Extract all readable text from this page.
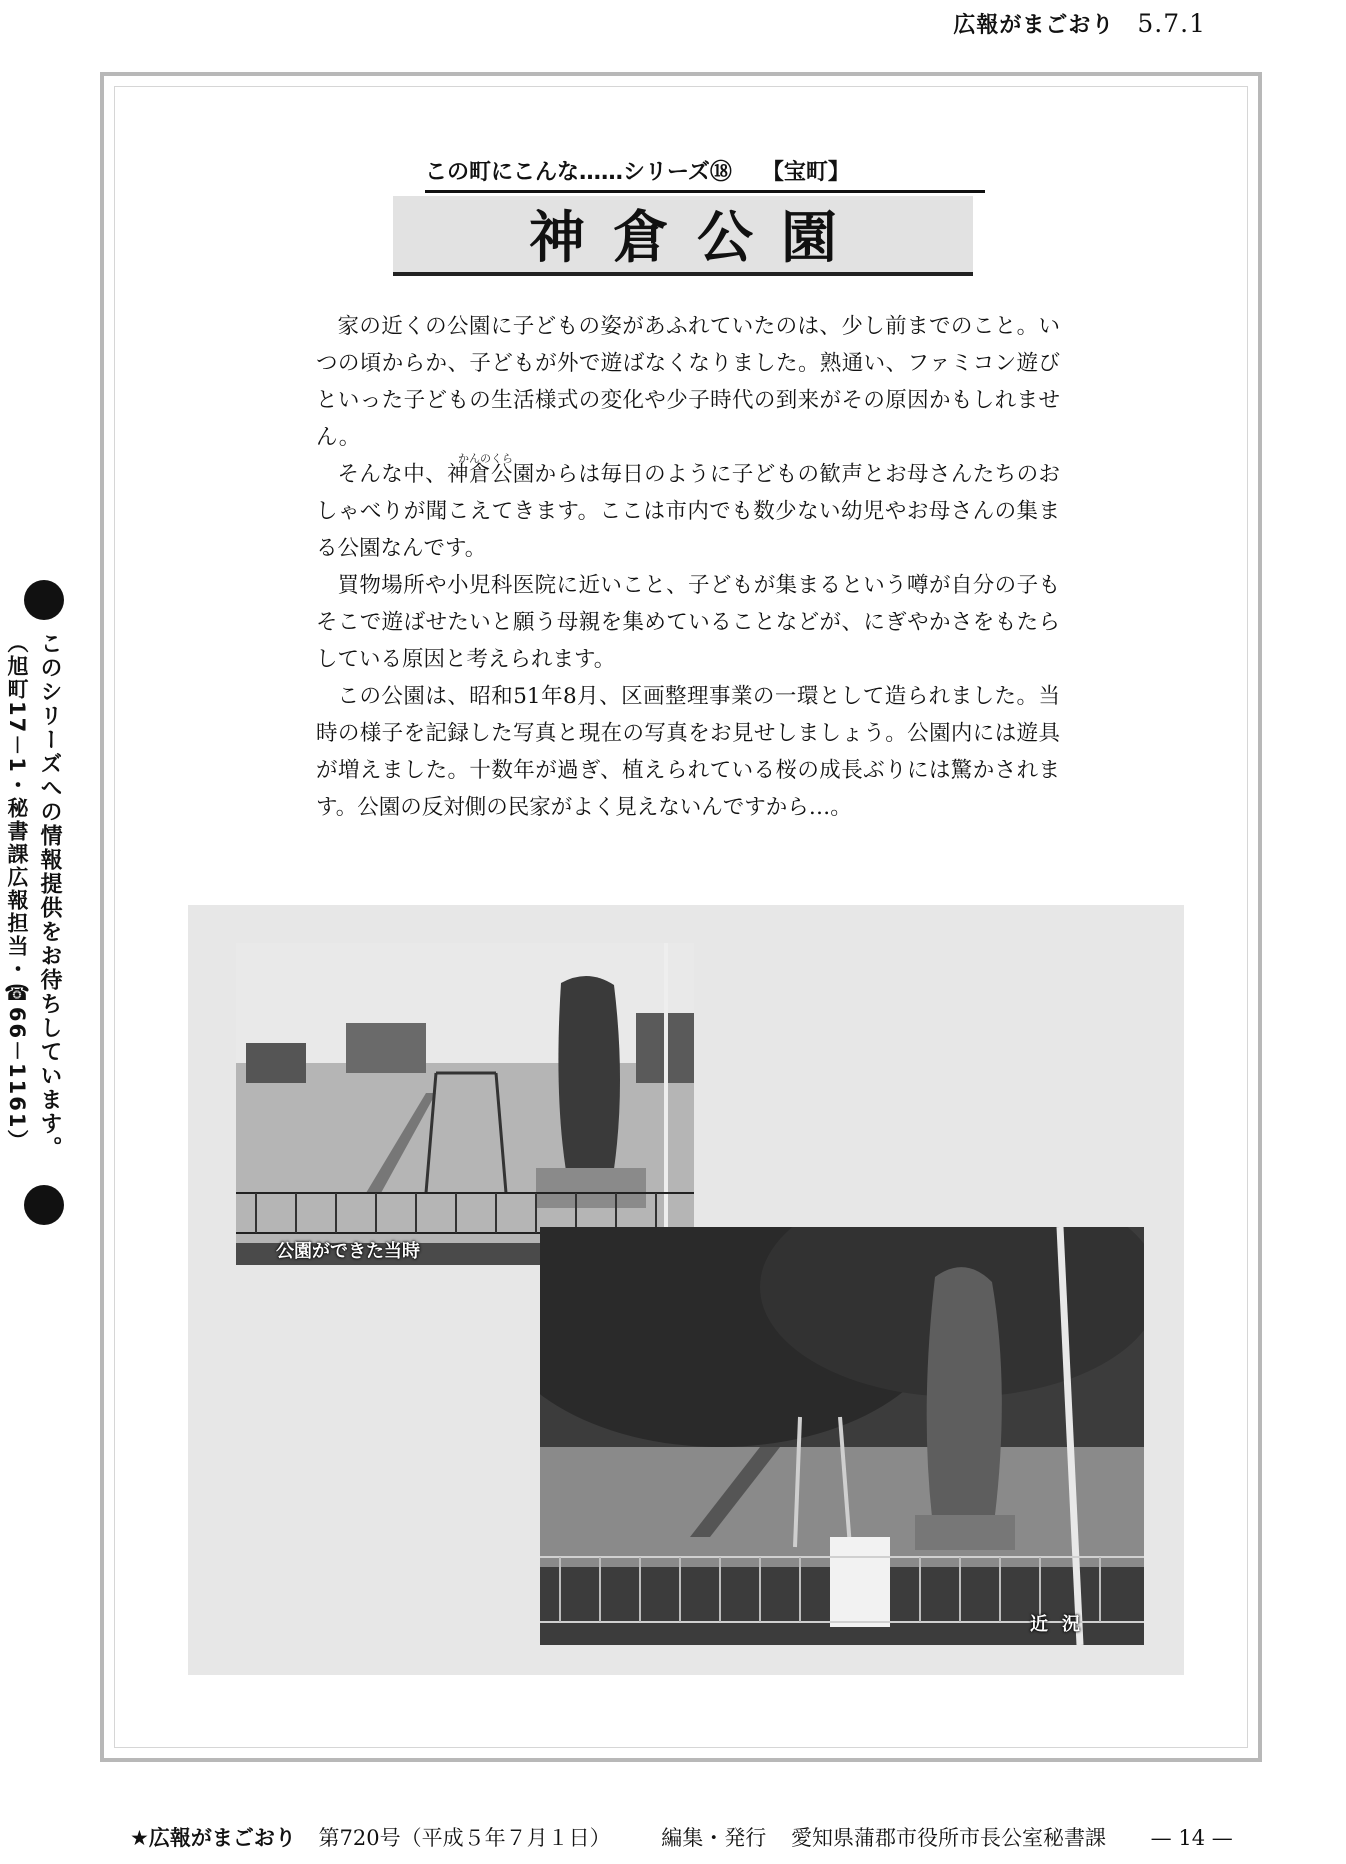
広報がまごおり 5.7.1
この町にこんな……シリーズ⑱ 【宝町】
神倉公園
かんのくら

家の近くの公園に子どもの姿があふれていたのは、少し前までのこと。いつの頃からか、子どもが外で遊ばなくなりました。熟通い、ファミコン遊びといった子どもの生活様式の変化や少子時代の到来がその原因かもしれません。

そんな中、神倉公園からは毎日のように子どもの歓声とお母さんたちのおしゃべりが聞こえてきます。ここは市内でも数少ない幼児やお母さんの集まる公園なんです。

買物場所や小児科医院に近いこと、子どもが集まるという噂が自分の子もそこで遊ばせたいと願う母親を集めていることなどが、にぎやかさをもたらしている原因と考えられます。

この公園は、昭和51年8月、区画整理事業の一環として造られました。当時の様子を記録した写真と現在の写真をお見せしましょう。公園内には遊具が増えました。十数年が過ぎ、植えられている桜の成長ぶりには驚かされます。公園の反対側の民家がよく見えないんですから…。

このシリーズへの情報提供をお待ちしています。
（旭町17－1・秘書課広報担当・☎66－1161）
公園ができた当時
近況
★広報がまごおり 第720号（平成５年７月１日） 編集・発行 愛知県蒲郡市役所市長公室秘書課 — 14 —
